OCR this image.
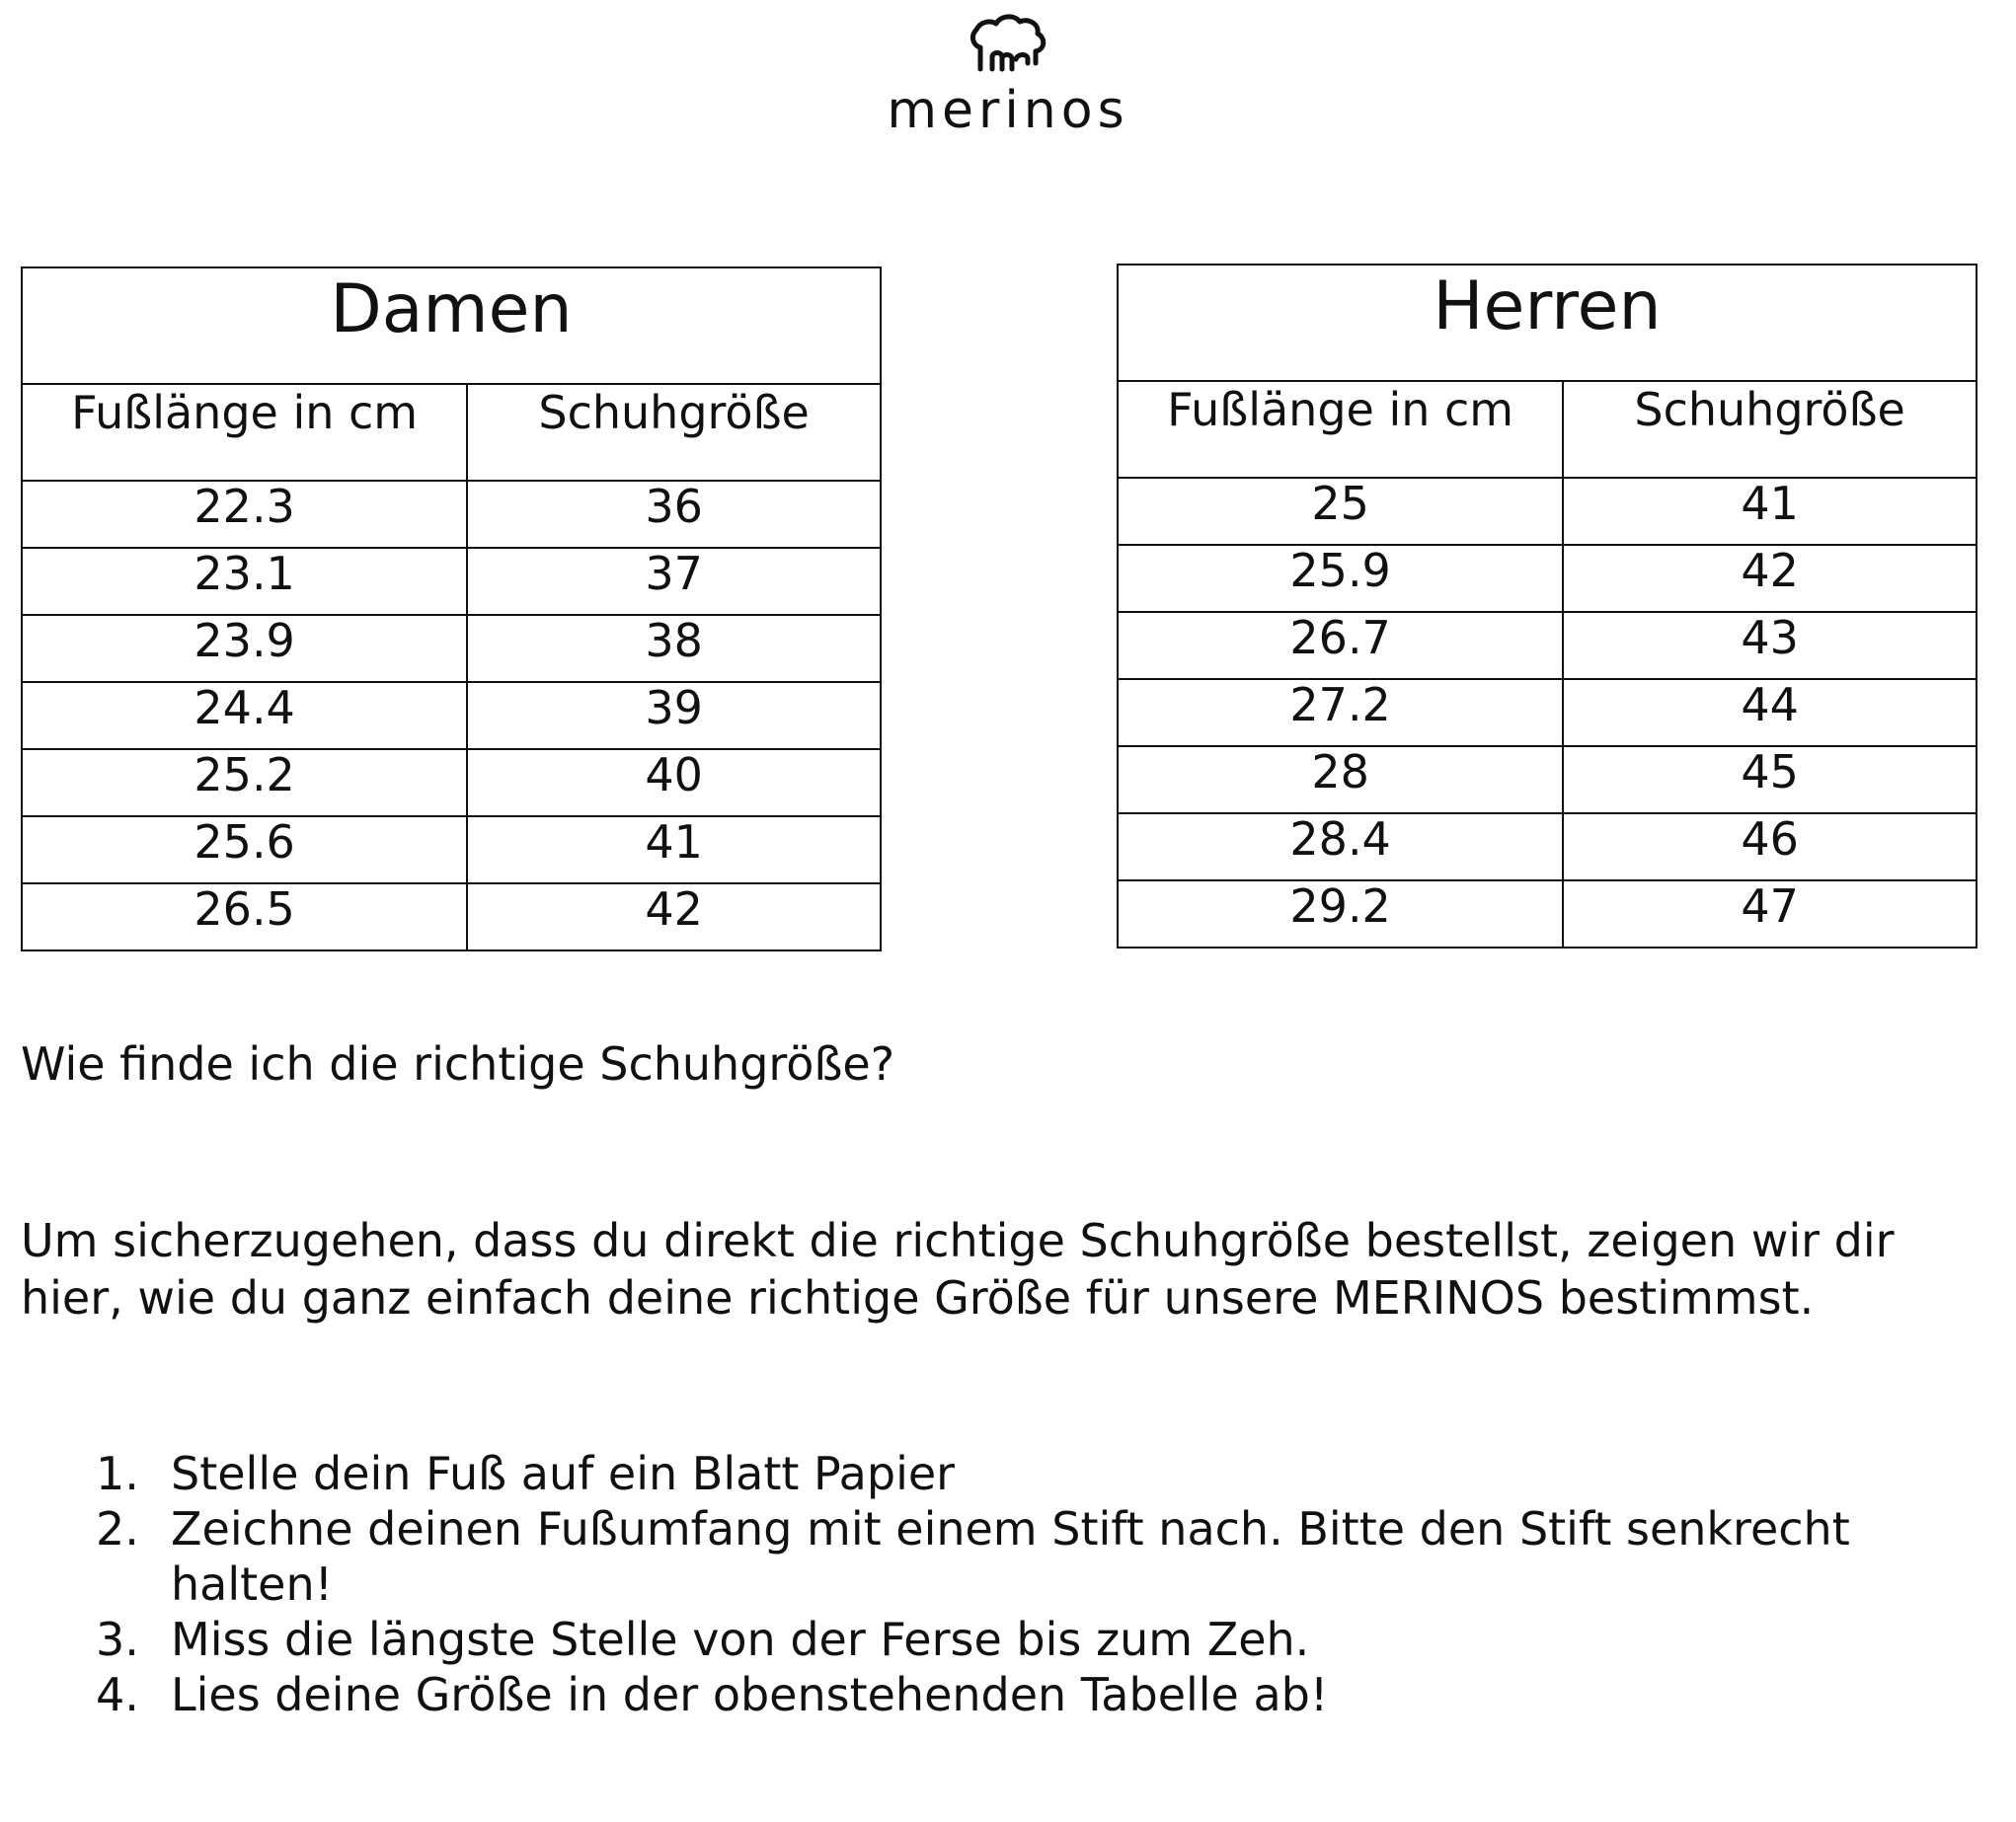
merinos
Damen	
Fußlänge in cm	Schuhgröße
22.3	36
23.1	37
23.9	38
24.4	39
25.2	40
25.6	41
26.5	42
Herren	
Fußlänge in cm	Schuhgröße
25	41
25.9	42
26.7	43
27.2	44
28	45
28.4	46
29.2	47
Wie finde ich die richtige Schuhgröße?
Um sicherzugehen, dass du direkt die richtige Schuhgröße bestellst, zeigen wir dir hier, wie du ganz einfach deine richtige Größe für unsere MERINOS bestimmst.
1. Stelle dein Fuß auf ein Blatt Papier
2. Zeichne deinen Fußumfang mit einem Stift nach. Bitte den Stift senkrecht halten!
3. Miss die längste Stelle von der Ferse bis zum Zeh.
4. Lies deine Größe in der obenstehenden Tabelle ab!
